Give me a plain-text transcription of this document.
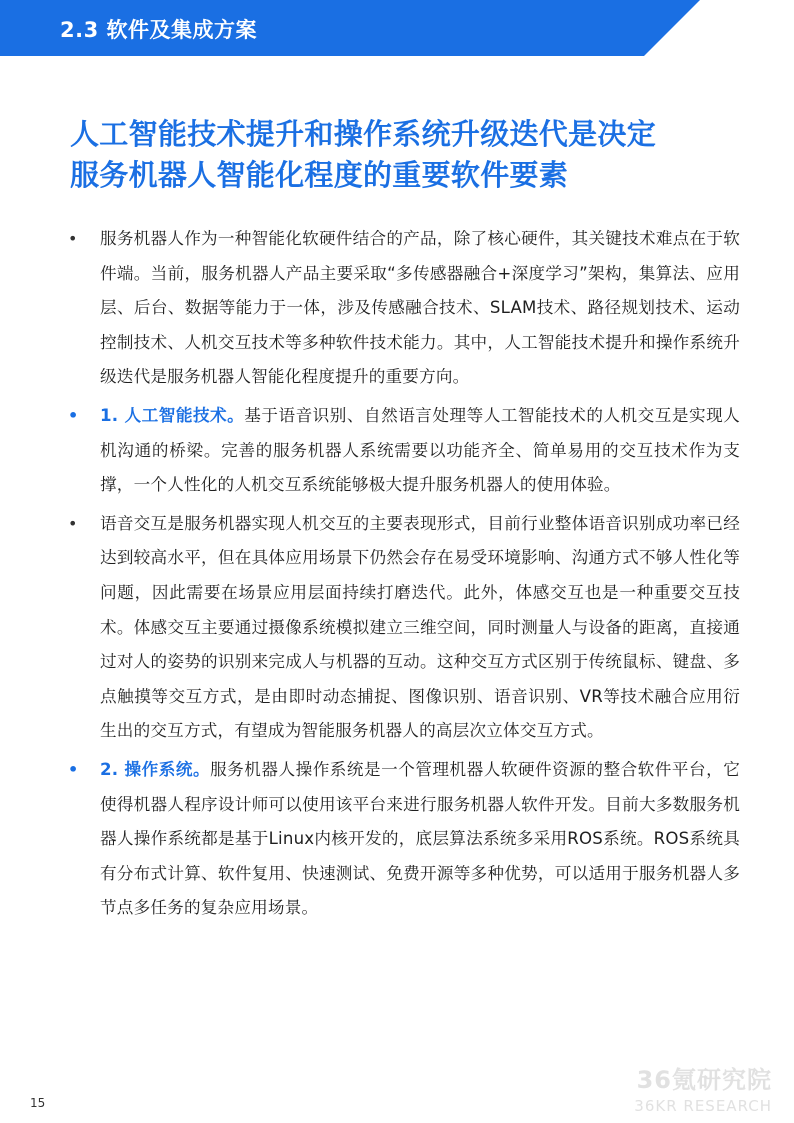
2.3 软件及集成方案	36
人工智能技术提升和操作系统升级迭代是决定
服务机器人智能化程度的重要软件要素
• 服务机器人作为一种智能化软硬件结合的产品，除了核心硬件，其关键技术难点在于软件端。当前，服务机器人产品主要采取“多传感器融合+深度学习”架构，集算法、应用层、后台、数据等能力于一体，涉及传感融合技术、SLAM技术、路径规划技术、运动控制技术、人机交互技术等多种软件技术能力。其中，人工智能技术提升和操作系统升级迭代是服务机器人智能化程度提升的重要方向。
• 1. 人工智能技术。基于语音识别、自然语言处理等人工智能技术的人机交互是实现人机沟通的桥梁。完善的服务机器人系统需要以功能齐全、简单易用的交互技术作为支撑，一个人性化的人机交互系统能够极大提升服务机器人的使用体验。
• 语音交互是服务机器实现人机交互的主要表现形式，目前行业整体语音识别成功率已经达到较高水平，但在具体应用场景下仍然会存在易受环境影响、沟通方式不够人性化等问题，因此需要在场景应用层面持续打磨迭代。此外，体感交互也是一种重要交互技术。体感交互主要通过摄像系统模拟建立三维空间，同时测量人与设备的距离，直接通过对人的姿势的识别来完成人与机器的互动。这种交互方式区别于传统鼠标、键盘、多点触摸等交互方式，是由即时动态捕捉、图像识别、语音识别、VR等技术融合应用衍生出的交互方式，有望成为智能服务机器人的高层次立体交互方式。
• 2. 操作系统。服务机器人操作系统是一个管理机器人软硬件资源的整合软件平台，它使得机器人程序设计师可以使用该平台来进行服务机器人软件开发。目前大多数服务机器人操作系统都是基于Linux内核开发的，底层算法系统多采用ROS系统。ROS系统具有分布式计算、软件复用、快速测试、免费开源等多种优势，可以适用于服务机器人多节点多任务的复杂应用场景。
36氪研究院
36KR RESEARCH
15
